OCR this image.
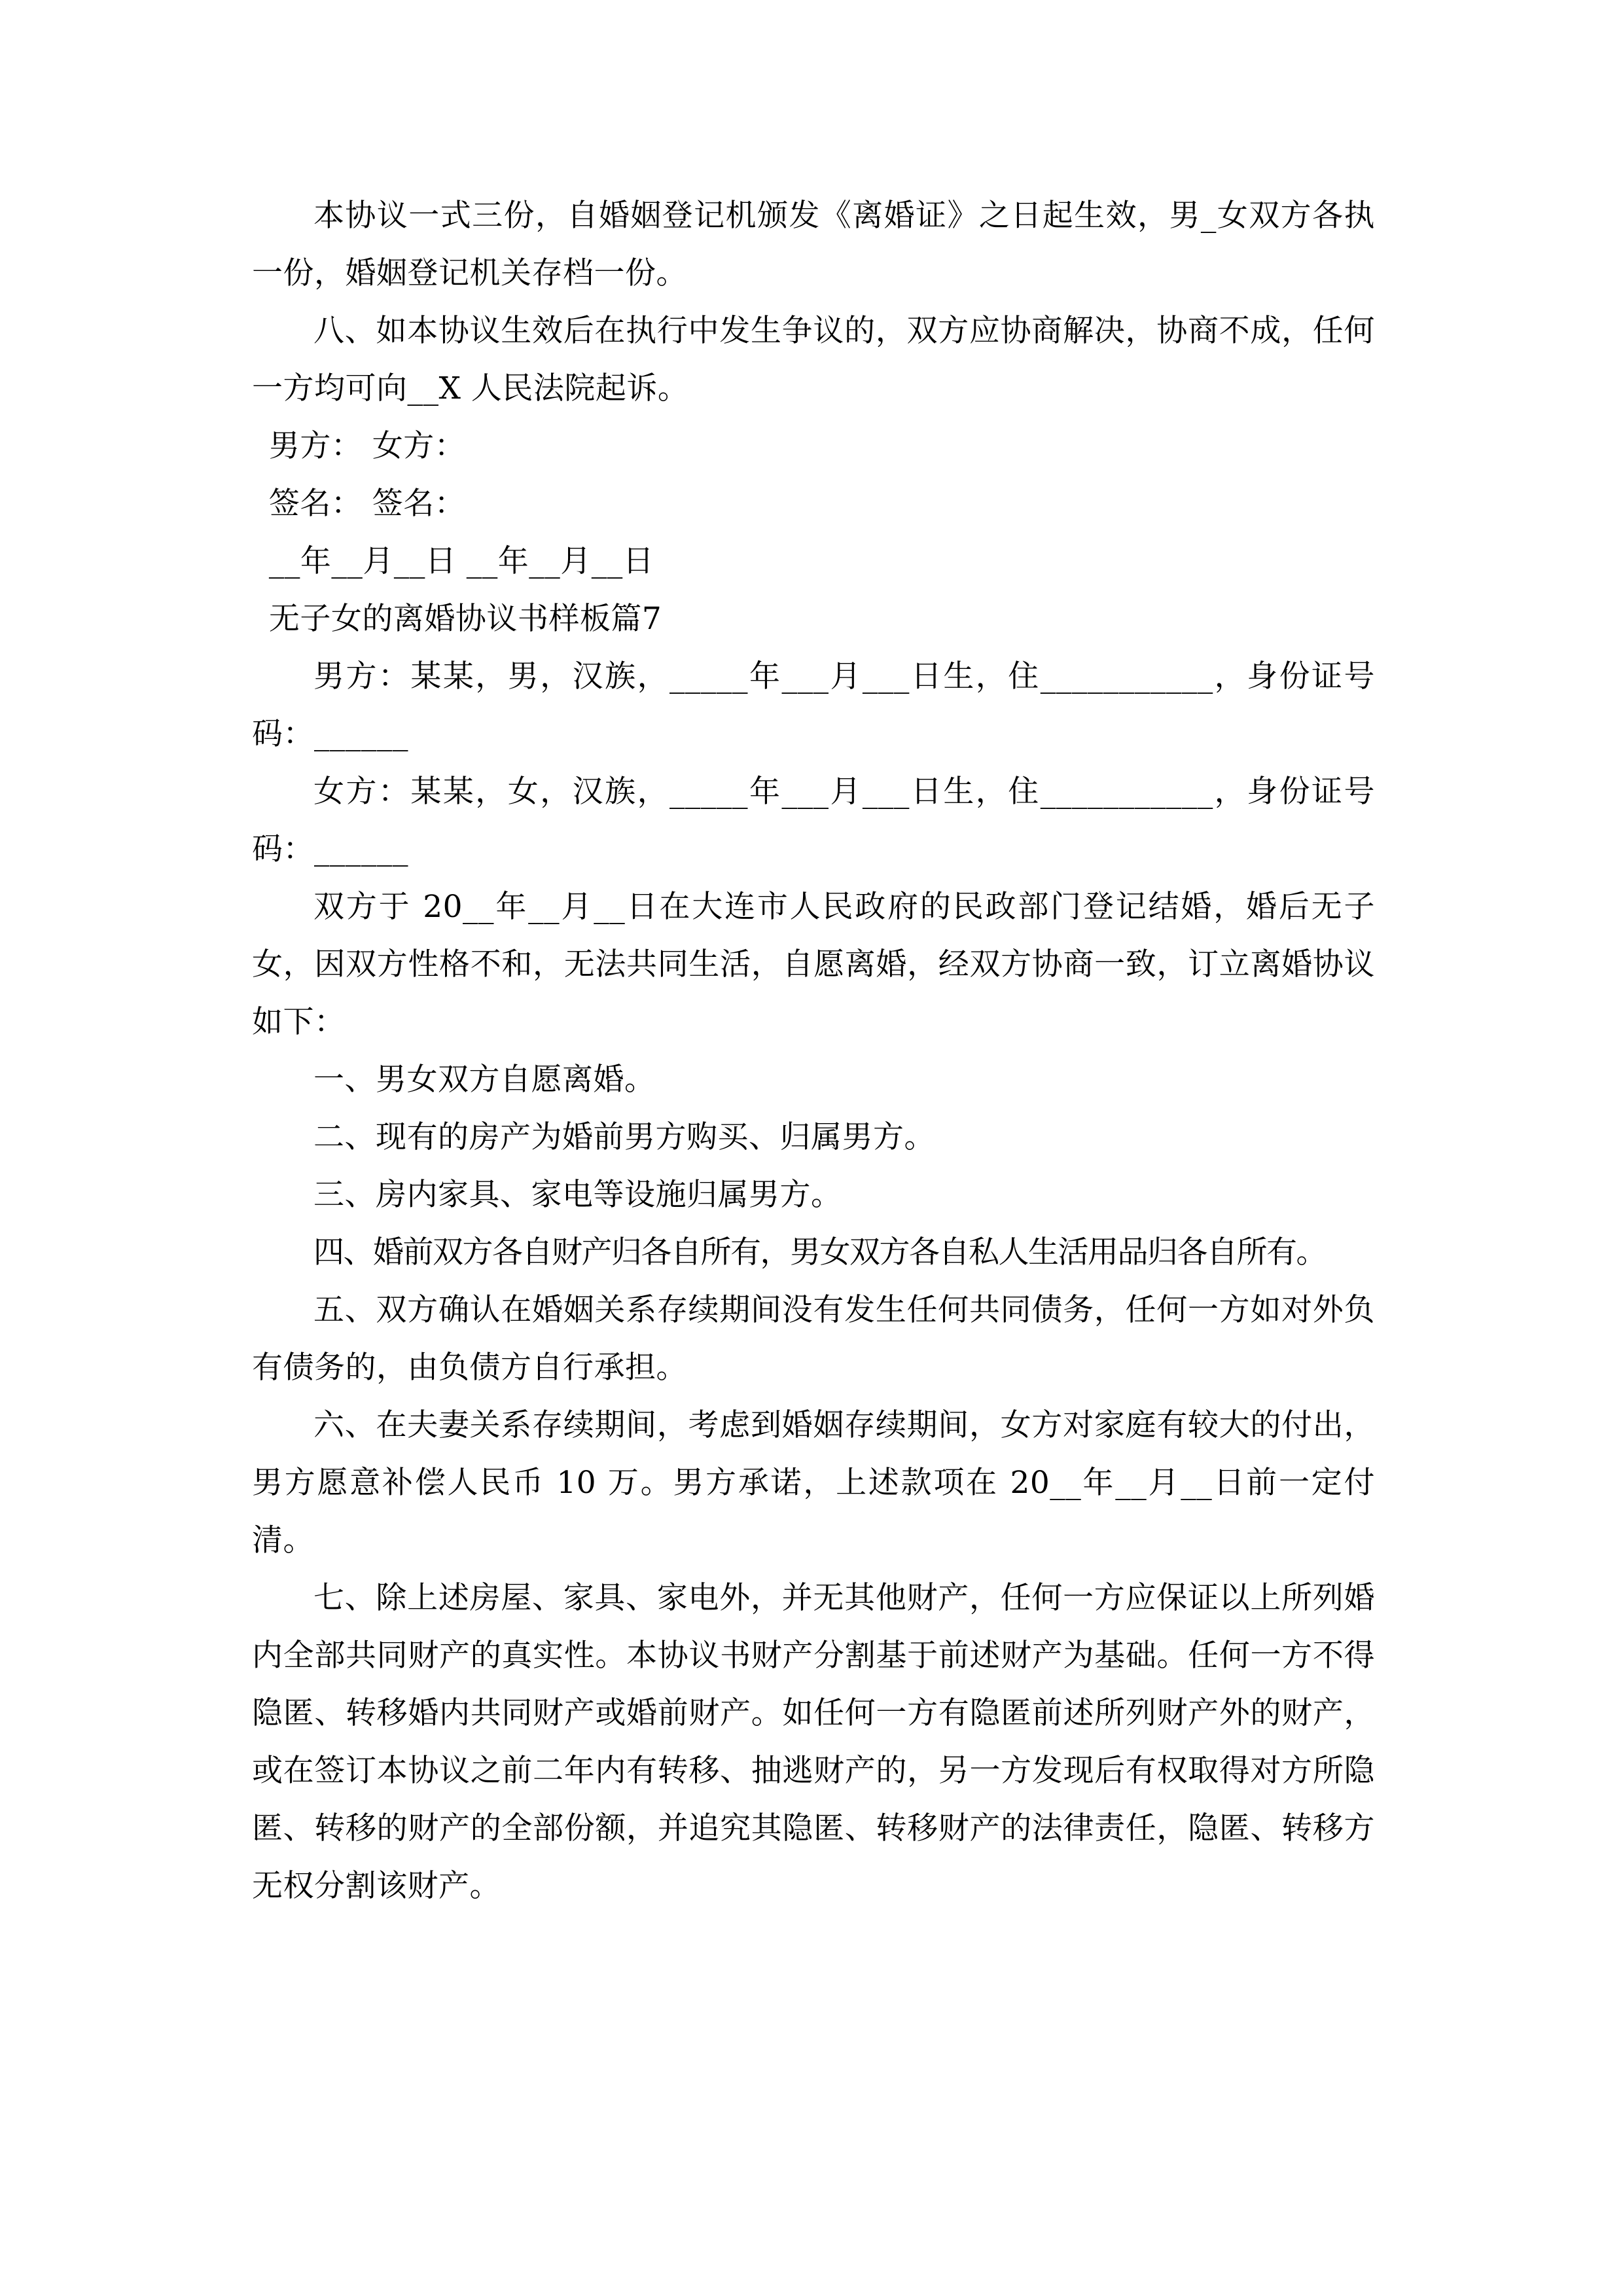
本协议一式三份，自婚姻登记机颁发《离婚证》之日起生效，男_女双方各执一份，婚姻登记机关存档一份。

八、如本协议生效后在执行中发生争议的，双方应协商解决，协商不成，任何一方均可向__X 人民法院起诉。

男方： 女方：

签名： 签名：

__年__月__日 __年__月__日

无子女的离婚协议书样板篇7

男方：某某，男，汉族，_____年___月___日生，住___________，身份证号码：______

女方：某某，女，汉族，_____年___月___日生，住___________，身份证号码：______

双方于 20__年__月__日在大连市人民政府的民政部门登记结婚，婚后无子女，因双方性格不和，无法共同生活，自愿离婚，经双方协商一致，订立离婚协议如下：

一、男女双方自愿离婚。

二、现有的房产为婚前男方购买、归属男方。

三、房内家具、家电等设施归属男方。

四、婚前双方各自财产归各自所有，男女双方各自私人生活用品归各自所有。

五、双方确认在婚姻关系存续期间没有发生任何共同债务，任何一方如对外负有债务的，由负债方自行承担。

六、在夫妻关系存续期间，考虑到婚姻存续期间，女方对家庭有较大的付出，男方愿意补偿人民币 10 万。男方承诺，上述款项在 20__年__月__日前一定付清。

七、除上述房屋、家具、家电外，并无其他财产，任何一方应保证以上所列婚内全部共同财产的真实性。本协议书财产分割基于前述财产为基础。任何一方不得隐匿、转移婚内共同财产或婚前财产。如任何一方有隐匿前述所列财产外的财产，或在签订本协议之前二年内有转移、抽逃财产的，另一方发现后有权取得对方所隐匿、转移的财产的全部份额，并追究其隐匿、转移财产的法律责任，隐匿、转移方无权分割该财产。
